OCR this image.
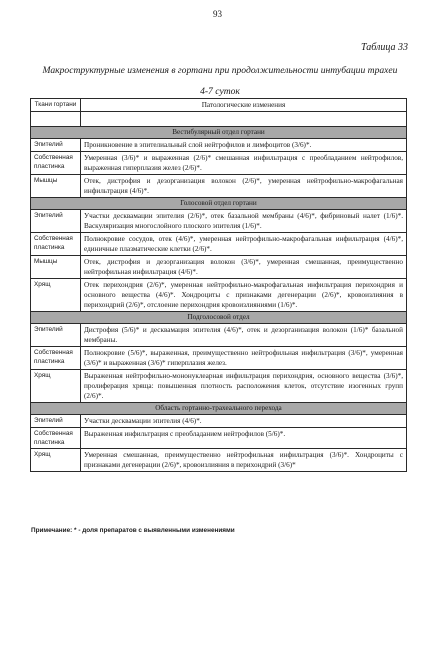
93
Таблица 33
Макроструктурные изменения в гортани при продолжительности интубации трахеи 4-7 суток
Ткани гортани	Патологические изменения

Вестибулярный отдел гортани	
Эпителий	Проникновение в эпителиальный слой нейтрофилов и лимфоцитов (3/6)*.
Собственная пластинка	Умеренная (3/6)* и выраженная (2/6)* смешанная инфильтрация с преобладанием нейтрофилов, выраженная гиперплазия желез (2/6)*.
Мышцы	Отек, дистрофия и дезорганизация волокон (2/6)*, умеренная нейтрофильно-макрофагальная инфильтрация (4/6)*.
Голосовой отдел гортани	
Эпителий	Участки десквамации эпителия (2/6)*, отек базальной мембраны (4/6)*, фибриновый налет (1/6)*. Васкуляризация многослойного плоского эпителия (1/6)*.
Собственная пластинка	Полнокровие сосудов, отек (4/6)*, умеренная нейтрофильно-макрофагальная инфильтрация (4/6)*, единичные плазматические клетки (2/6)*.
Мышцы	Отек, дистрофия и дезорганизация волокон (3/6)*, умеренная смешанная, преимущественно нейтрофильная инфильтрация (4/6)*.
Хрящ	Отек перихондрия (2/6)*, умеренная нейтрофильно-макрофагальная инфильтрация перихондрия и основного вещества (4/6)*. Хондроциты с признаками дегенерации (2/6)*, кровоизлияния в перихондрий (2/6)*, отслоение перихондрия кровоизлияниями (1/6)*.
Подголосовой отдел	
Эпителий	Дистрофия (5/6)* и десквамация эпителия (4/6)*, отек и дезорганизация волокон (1/6)* базальной мембраны.
Собственная пластинка	Полнокровие (5/6)*, выраженная, преимущественно нейтрофильная инфильтрация (3/6)*, умеренная (3/6)* и выраженная (3/6)* гиперплазия желез.
Хрящ	Выраженная нейтрофильно-мононуклеарная инфильтрация перихондрия, основного вещества (3/6)*, пролиферация хряща: повышенная плотность расположения клеток, отсутствие изогенных групп (2/6)*.
Область гортанно-трахеального перехода	
Эпителий	Участки десквамации эпителия (4/6)*.
Собственная пластинка	Выраженная инфильтрация с преобладанием нейтрофилов (5/6)*.
Хрящ	Умеренная смешанная, преимущественно нейтрофильная инфильтрация (3/6)*. Хондроциты с признаками дегенерации (2/6)*, кровоизлияния в перихондрий (3/6)*
Примечание: * - доля препаратов с выявленными изменениями
